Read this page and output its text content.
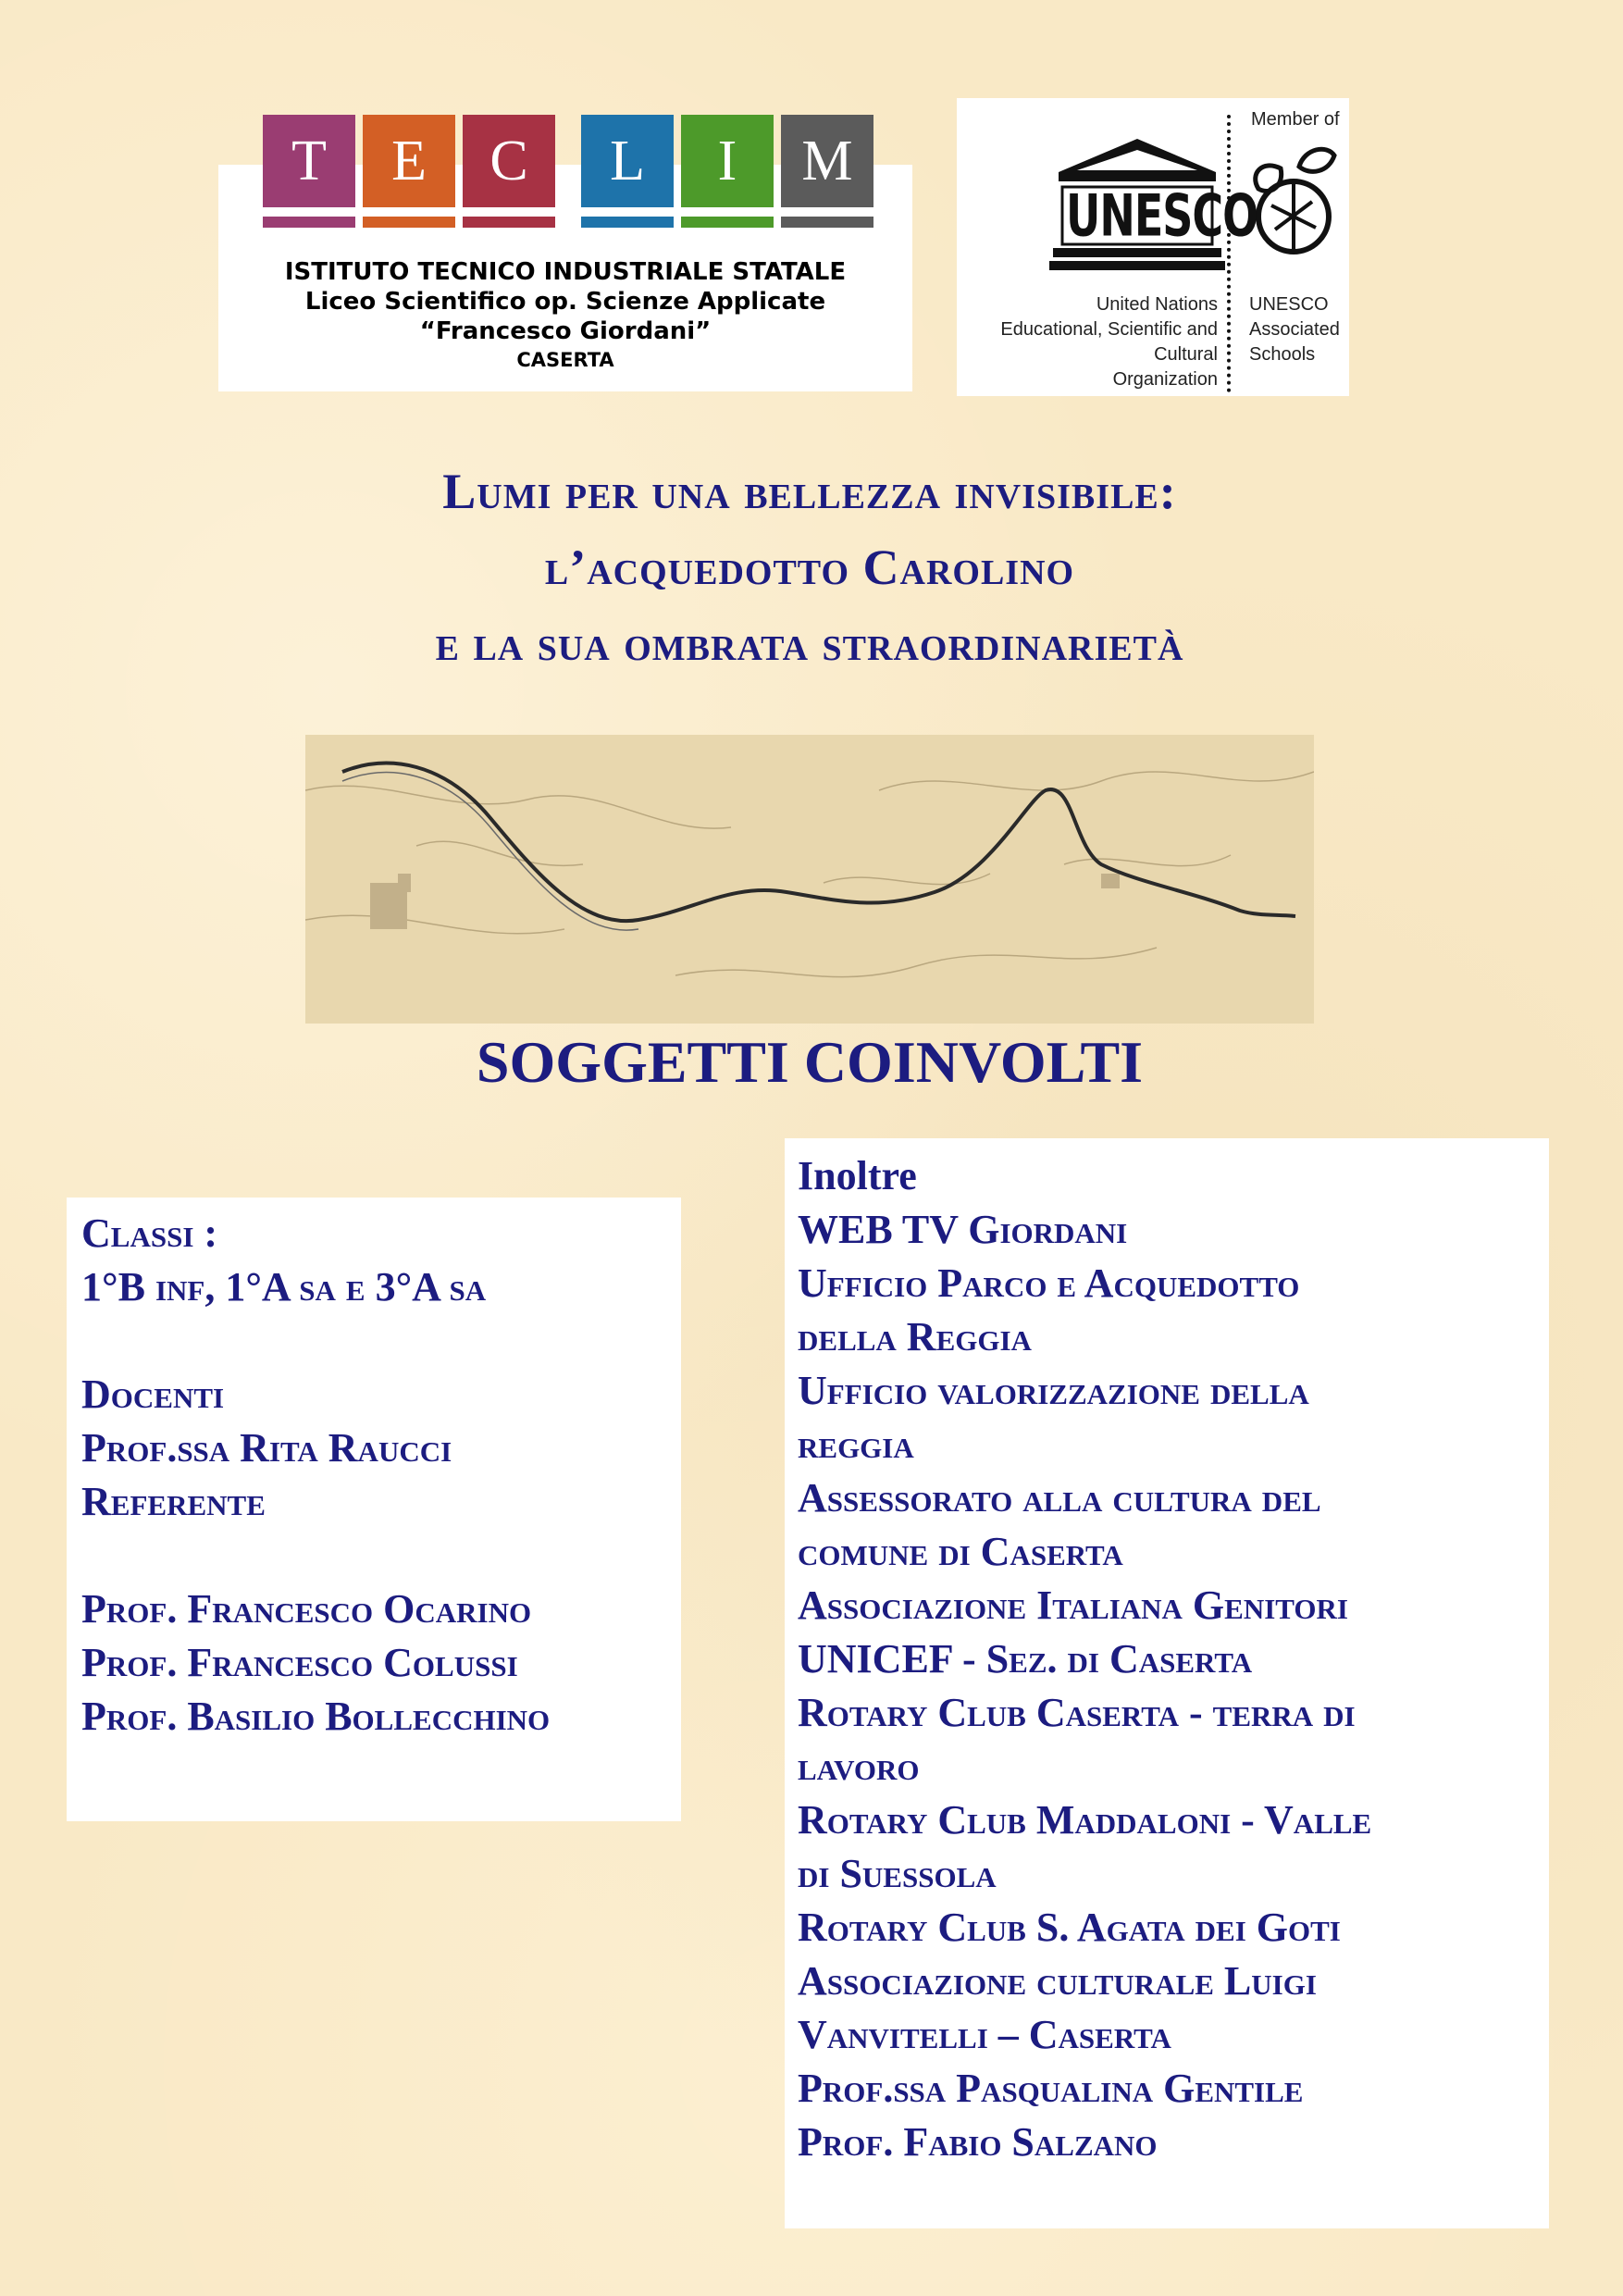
T	E	C	L	I	M
ISTITUTO TECNICO INDUSTRIALE STATALE
Liceo Scientifico op. Scienze Applicate
“Francesco Giordani”
CASERTA
UNESCO
Member of
United Nations
Educational, Scientific and
Cultural Organization
UNESCO
Associated
Schools
Lumi per una bellezza invisibile:
l’acquedotto Carolino
e la sua ombrata straordinarietà
SOGGETTI COINVOLTI
Classi :
1°B inf, 1°A sa e 3°A sa
Docenti
Prof.ssa Rita Raucci
Referente
Prof. Francesco Ocarino
Prof. Francesco Colussi
Prof. Basilio Bollecchino
Inoltre
WEB TV Giordani
Ufficio Parco e Acquedotto
della Reggia
Ufficio valorizzazione della
reggia
Assessorato alla cultura del
comune di Caserta
Associazione Italiana Genitori
UNICEF - Sez. di Caserta
Rotary Club Caserta - terra di
lavoro
Rotary Club Maddaloni - Valle
di Suessola
Rotary Club S. Agata dei Goti
Associazione culturale Luigi
Vanvitelli – Caserta
Prof.ssa Pasqualina Gentile
Prof. Fabio Salzano
